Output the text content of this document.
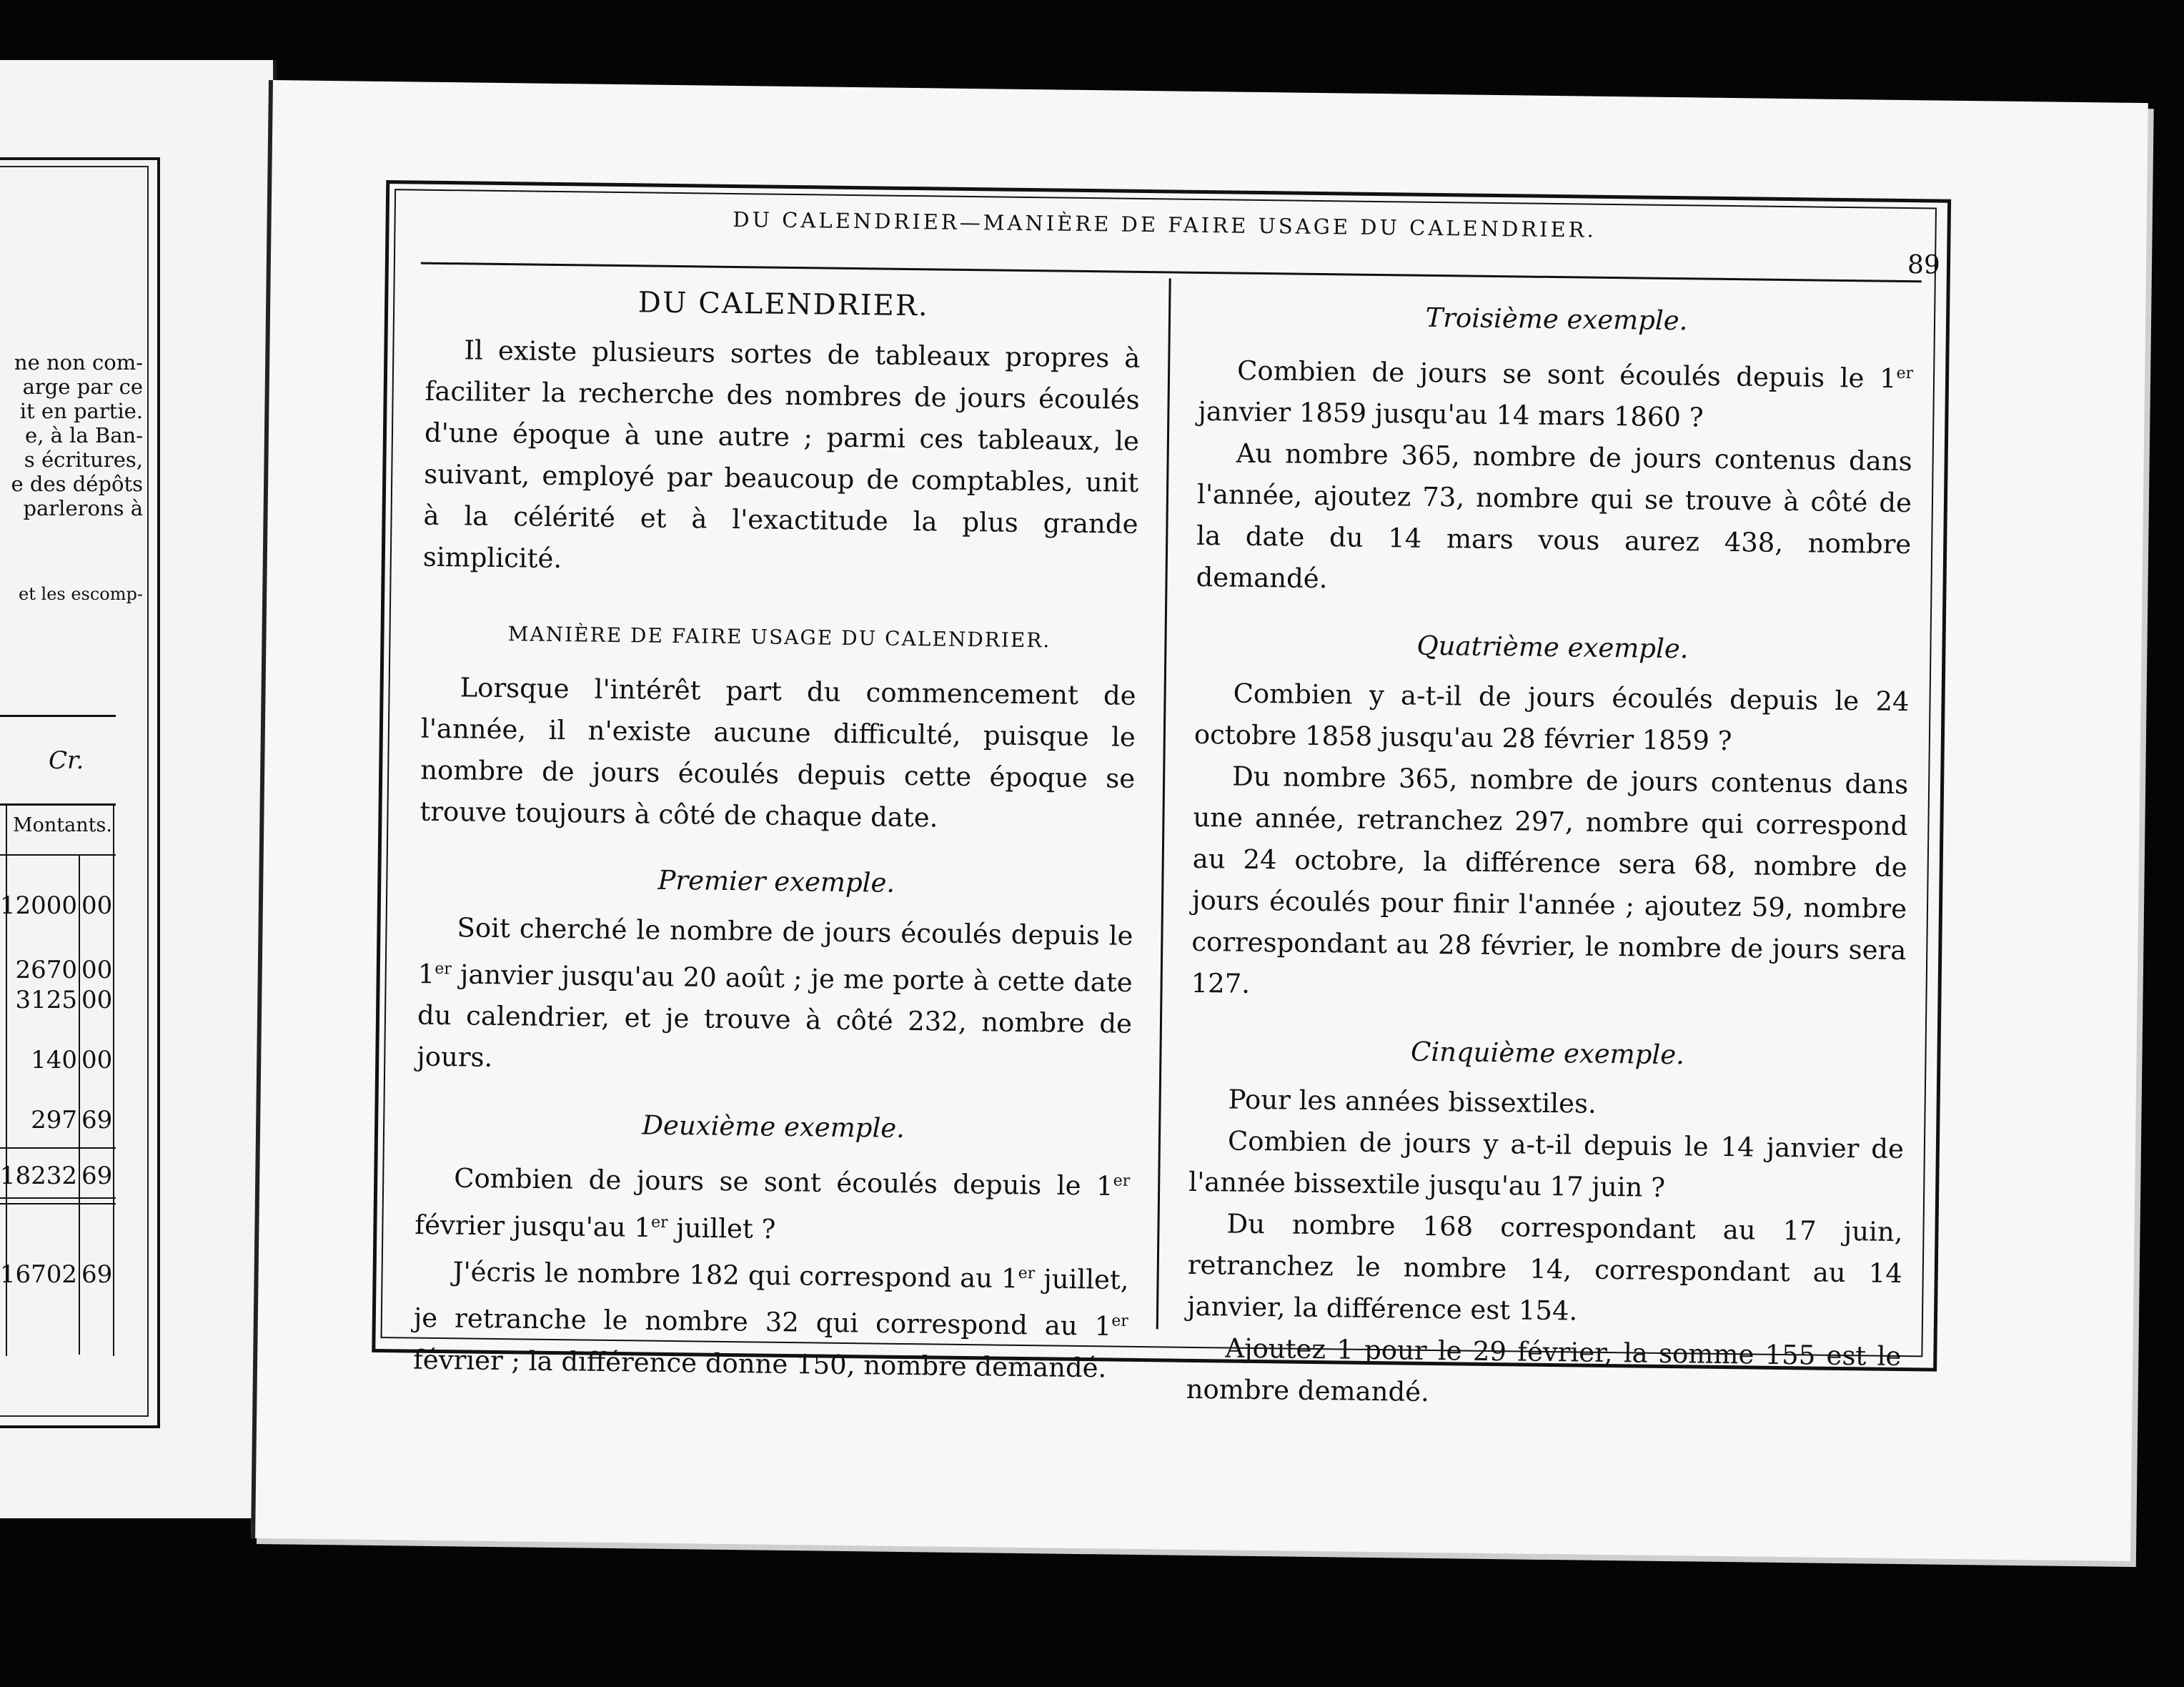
ne non com-
arge par ce
it en partie.
e, à la Ban-
s écritures,
e des dépôts
parlerons à
et les escomp-
Cr.
Montants.
12000 00
2670 00
3125 00
140 00
297 69
18232 69
16702 69
DU CALENDRIER—MANIÈRE DE FAIRE USAGE DU CALENDRIER.
89
DU CALENDRIER.

Il existe plusieurs sortes de tableaux propres à faciliter la recherche des nombres de jours écoulés d'une époque à une autre ; parmi ces tableaux, le suivant, employé par beaucoup de comptables, unit à la célérité et à l'exactitude la plus grande simplicité.

MANIÈRE DE FAIRE USAGE DU CALENDRIER.

Lorsque l'intérêt part du commencement de l'année, il n'existe aucune difficulté, puisque le nombre de jours écoulés depuis cette époque se trouve toujours à côté de chaque date.

Premier exemple.

Soit cherché le nombre de jours écoulés depuis le 1er janvier jusqu'au 20 août ; je me porte à cette date du calendrier, et je trouve à côté 232, nombre de jours.

Deuxième exemple.

Combien de jours se sont écoulés depuis le 1er février jusqu'au 1er juillet ?

J'écris le nombre 182 qui correspond au 1er juillet, je retranche le nombre 32 qui correspond au 1er février ; la différence donne 150, nombre demandé.

Troisième exemple.

Combien de jours se sont écoulés depuis le 1er janvier 1859 jusqu'au 14 mars 1860 ?

Au nombre 365, nombre de jours contenus dans l'année, ajoutez 73, nombre qui se trouve à côté de la date du 14 mars vous aurez 438, nombre demandé.

Quatrième exemple.

Combien y a-t-il de jours écoulés depuis le 24 octobre 1858 jusqu'au 28 février 1859 ?

Du nombre 365, nombre de jours contenus dans une année, retranchez 297, nombre qui correspond au 24 octobre, la différence sera 68, nombre de jours écoulés pour finir l'année ; ajoutez 59, nombre correspondant au 28 février, le nombre de jours sera 127.

Cinquième exemple.

Pour les années bissextiles.

Combien de jours y a-t-il depuis le 14 janvier de l'année bissextile jusqu'au 17 juin ?

Du nombre 168 correspondant au 17 juin, retranchez le nombre 14, correspondant au 14 janvier, la différence est 154.

Ajoutez 1 pour le 29 février, la somme 155 est le nombre demandé.
